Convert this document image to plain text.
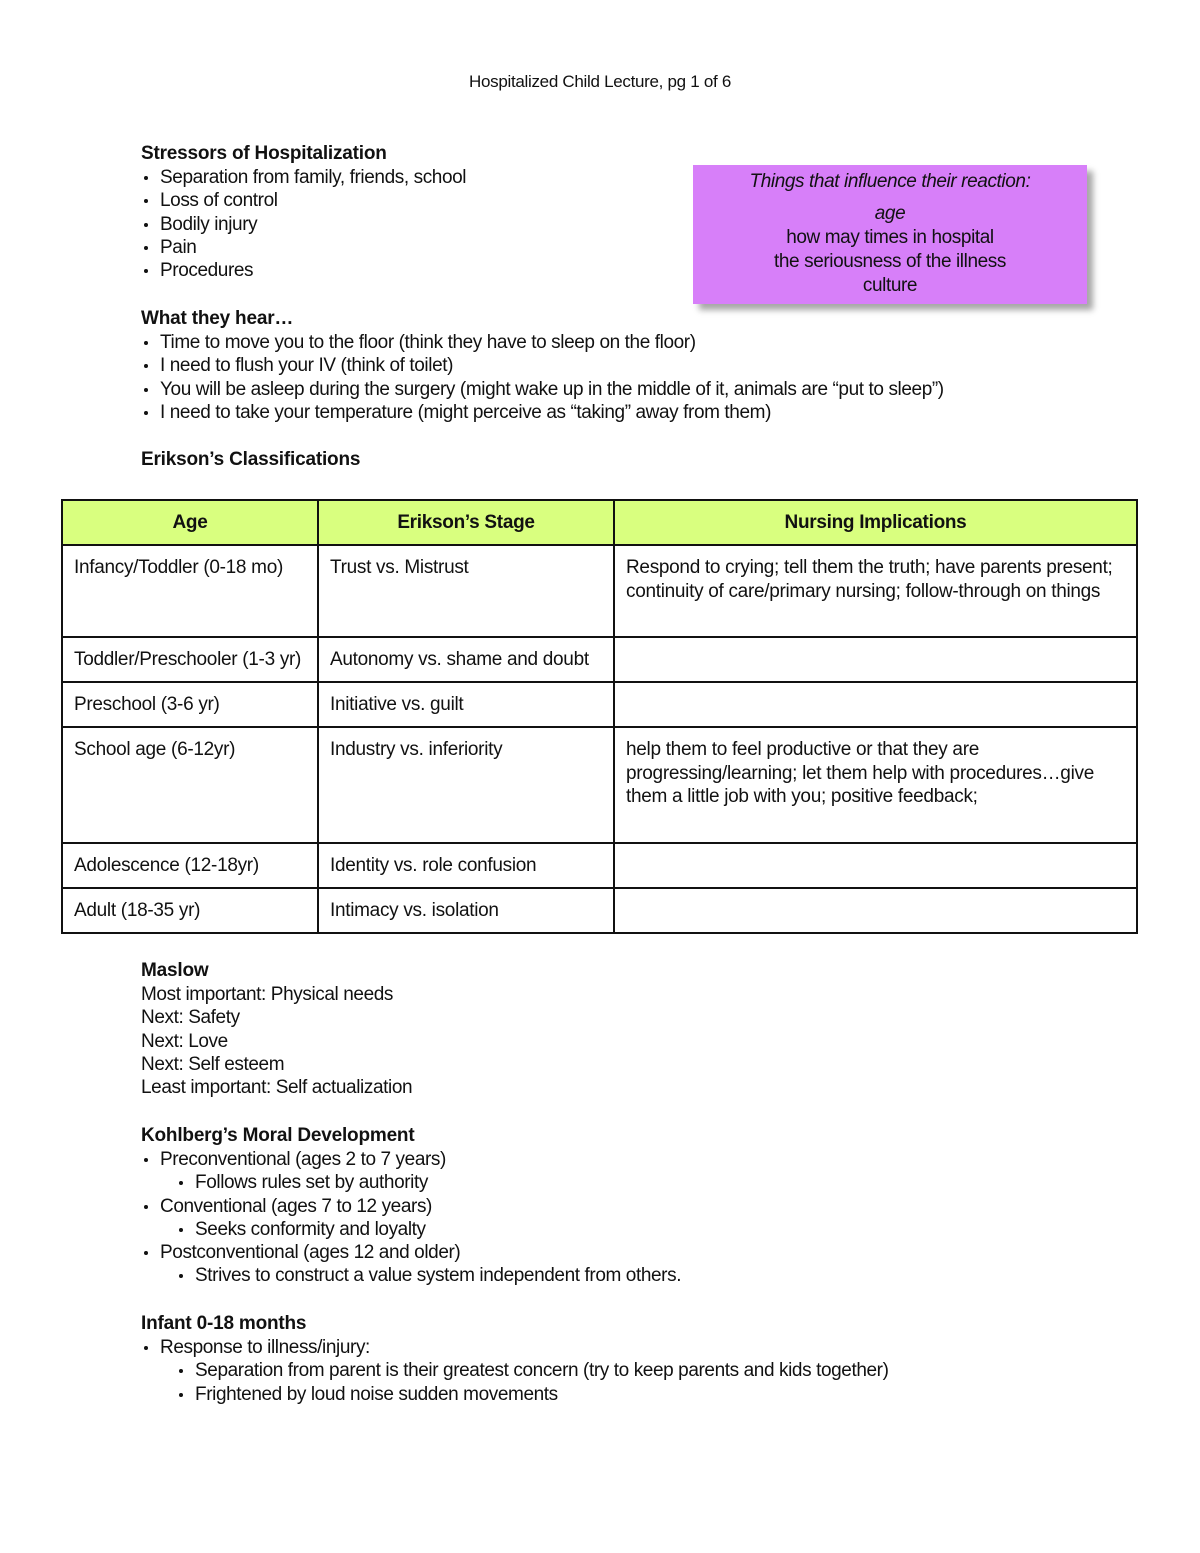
Hospitalized Child Lecture, pg 1 of 6
Stressors of Hospitalization
Separation from family, friends, school
Loss of control
Bodily injury
Pain
Procedures
Things that influence their reaction:
age
how may times in hospital
the seriousness of the illness
culture
What they hear…
Time to move you to the floor (think they have to sleep on the floor)
I need to flush your IV (think of toilet)
You will be asleep during the surgery (might wake up in the middle of it, animals are “put to sleep”)
I need to take your temperature (might perceive as “taking” away from them)
Erikson’s Classifications
Age	Erikson’s Stage	Nursing Implications
Infancy/Toddler (0-18 mo)	Trust vs. Mistrust	Respond to crying; tell them the truth; have parents present; continuity of care/primary nursing; follow-through on things
Toddler/Preschooler (1-3 yr)	Autonomy vs. shame and doubt	
Preschool (3-6 yr)	Initiative vs. guilt	
School age (6-12yr)	Industry vs. inferiority	help them to feel productive or that they are progressing/learning; let them help with procedures…give them a little job with you; positive feedback;
Adolescence (12-18yr)	Identity vs. role confusion	
Adult (18-35 yr)	Intimacy vs. isolation	
Maslow
Most important: Physical needs
Next: Safety
Next: Love
Next: Self esteem
Least important: Self actualization
Kohlberg’s Moral Development
Preconventional (ages 2 to 7 years)
Follows rules set by authority
Conventional (ages 7 to 12 years)
Seeks conformity and loyalty
Postconventional (ages 12 and older)
Strives to construct a value system independent from others.
Infant 0-18 months
Response to illness/injury:
Separation from parent is their greatest concern (try to keep parents and kids together)
Frightened by loud noise sudden movements
